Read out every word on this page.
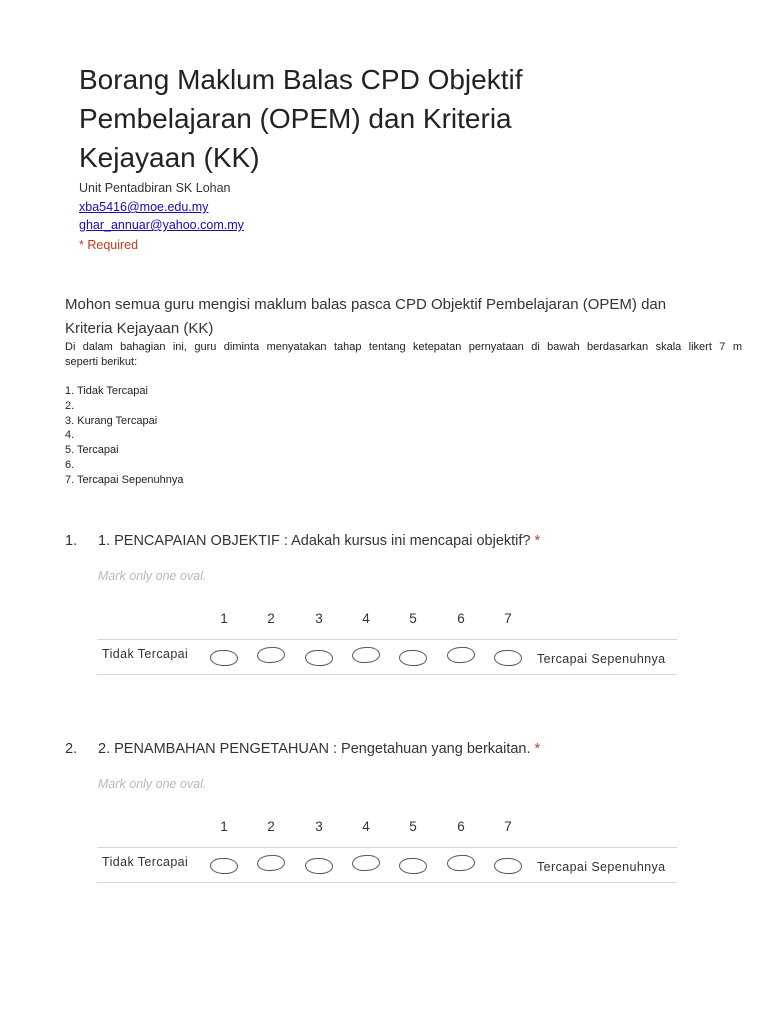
Borang Maklum Balas CPD Objektif
Pembelajaran (OPEM) dan Kriteria
Kejayaan (KK)
Unit Pentadbiran SK Lohan
xba5416@moe.edu.my
ghar_annuar@yahoo.com.my
* Required

Mohon semua guru mengisi maklum balas pasca CPD Objektif Pembelajaran (OPEM) dan
Kriteria Kejayaan (KK)

Di dalam bahagian ini, guru diminta menyatakan tahap tentang ketepatan pernyataan di bawah berdasarkan skala likert 7 m
seperti berikut:

1. Tidak Tercapai
2.
3. Kurang Tercapai
4.
5. Tercapai
6.
7. Tercapai Sepenuhnya
1. 1. PENCAPAIAN OBJEKTIF : Adakah kursus ini mencapai objektif? *
Mark only one oval.
1	2	3	4	5	6	7
Tidak Tercapai	Tercapai Sepenuhnya
2. 2. PENAMBAHAN PENGETAHUAN : Pengetahuan yang berkaitan. *
Mark only one oval.
1	2	3	4	5	6	7
Tidak Tercapai	Tercapai Sepenuhnya
